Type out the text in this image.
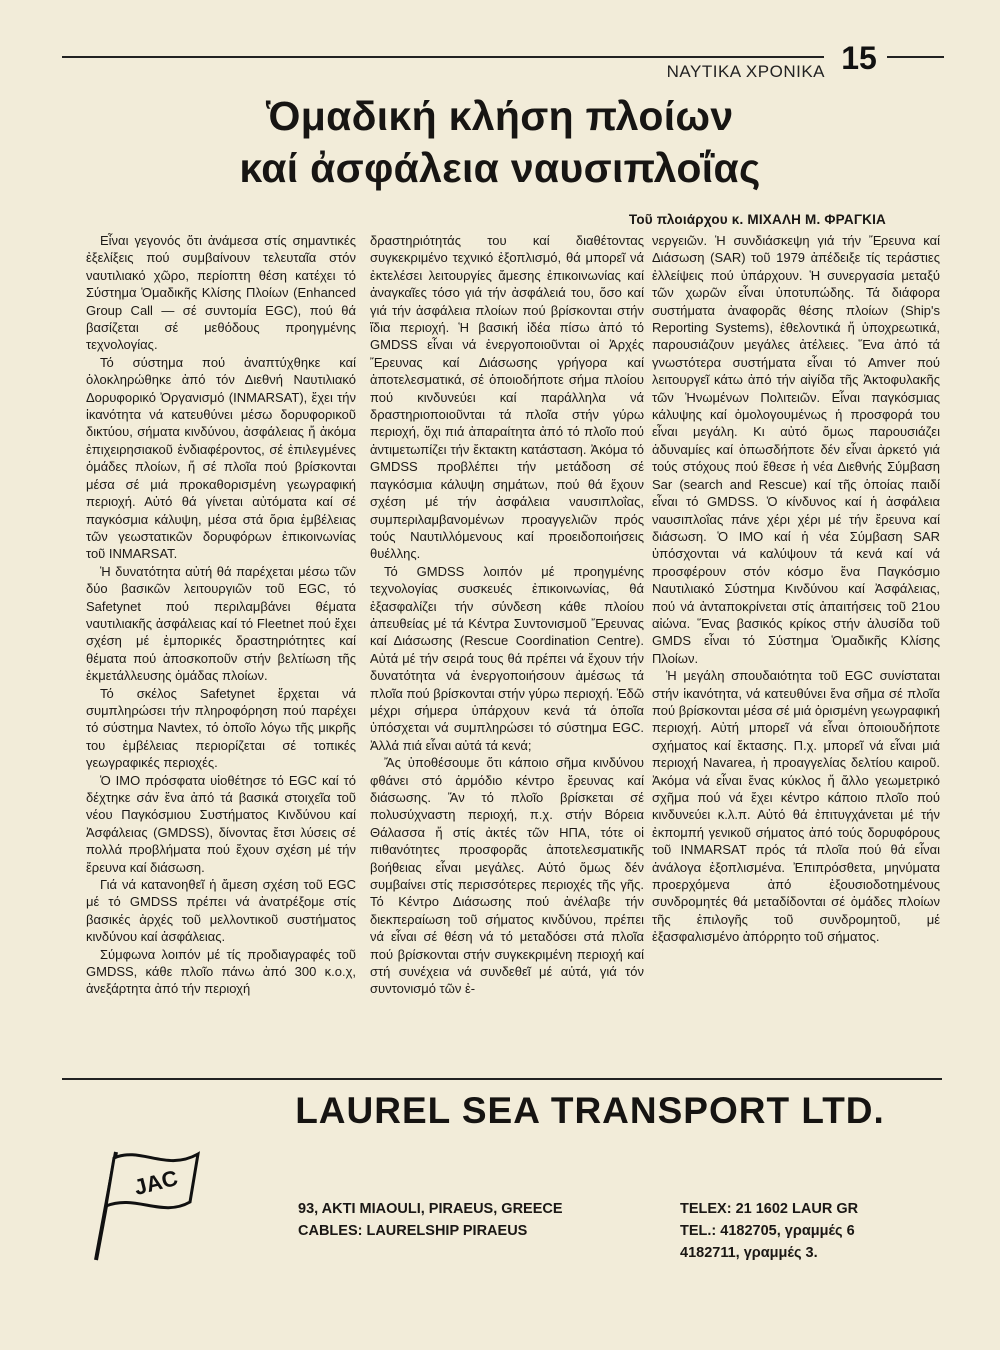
ΝΑΥΤΙΚΑ ΧΡΟΝΙΚΑ 15
Ὁμαδική κλήση πλοίων
καί ἀσφάλεια ναυσιπλοΐας
Τοῦ πλοιάρχου κ. ΜΙΧΑΛΗ Μ. ΦΡΑΓΚΙΑ

Εἶναι γεγονός ὅτι ἀνάμεσα στίς σημαντικές ἐξελίξεις πού συμβαίνουν τελευταῖα στόν ναυτιλιακό χῶρο, περίοπτη θέση κατέχει τό Σύστημα Ὁμαδικῆς Κλίσης Πλοίων (Enhanced Group Call — σέ συντομία EGC), πού θά βασίζεται σέ μεθόδους προηγμένης τεχνολογίας.

Τό σύστημα πού ἀναπτύχθηκε καί ὁλοκληρώθηκε ἀπό τόν Διεθνή Ναυτιλιακό Δορυφορικό Ὀργανισμό (INMARSAT), ἔχει τήν ἱκανότητα νά κατευθύνει μέσω δορυφορικοῦ δικτύου, σήματα κινδύνου, ἀσφάλειας ἤ ἀκόμα ἐπιχειρησιακοῦ ἐνδιαφέροντος, σέ ἐπιλεγμένες ὁμάδες πλοίων, ἤ σέ πλοῖα πού βρίσκονται μέσα σέ μιά προκαθορισμένη γεωγραφική περιοχή. Αὐτό θά γίνεται αὐτόματα καί σέ παγκόσμια κάλυψη, μέσα στά ὅρια ἐμβέλειας τῶν γεωστατικῶν δορυφόρων ἐπικοινωνίας τοῦ INMARSAT.

Ἡ δυνατότητα αὐτή θά παρέχεται μέσω τῶν δύο βασικῶν λειτουργιῶν τοῦ EGC, τό Safetynet πού περιλαμβάνει θέματα ναυτιλιακῆς ἀσφάλειας καί τό Fleetnet πού ἔχει σχέση μέ ἐμπορικές δραστηριότητες καί θέματα πού ἀποσκοποῦν στήν βελτίωση τῆς ἐκμετάλλευσης ὁμάδας πλοίων.

Τό σκέλος Safetynet ἔρχεται νά συμπληρώσει τήν πληροφόρηση πού παρέχει τό σύστημα Navtex, τό ὁποῖο λόγω τῆς μικρῆς του ἐμβέλειας περιορίζεται σέ τοπικές γεωγραφικές περιοχές.

Ὁ ΙΜΟ πρόσφατα υἱοθέτησε τό EGC καί τό δέχτηκε σάν ἕνα ἀπό τά βασικά στοιχεῖα τοῦ νέου Παγκόσμιου Συστήματος Κινδύνου καί Ἀσφάλειας (GMDSS), δίνοντας ἔτσι λύσεις σέ πολλά προβλήματα πού ἔχουν σχέση μέ τήν ἔρευνα καί διάσωση.

Γιά νά κατανοηθεῖ ἡ ἄμεση σχέση τοῦ EGC μέ τό GMDSS πρέπει νά ἀνατρέξομε στίς βασικές ἀρχές τοῦ μελλοντικοῦ συστήματος κινδύνου καί ἀσφάλειας.

Σύμφωνα λοιπόν μέ τίς προδιαγραφές τοῦ GMDSS, κάθε πλοῖο πάνω ἀπό 300 κ.ο.χ, ἀνεξάρτητα ἀπό τήν περιοχή

δραστηριότητάς του καί διαθέτοντας συγκεκριμένο τεχνικό ἐξοπλισμό, θά μπορεῖ νά ἐκτελέσει λειτουργίες ἄμεσης ἐπικοινωνίας καί ἀναγκαῖες τόσο γιά τήν ἀσφάλειά του, ὅσο καί γιά τήν ἀσφάλεια πλοίων πού βρίσκονται στήν ἴδια περιοχή. Ἡ βασική ἰδέα πίσω ἀπό τό GMDSS εἶναι νά ἐνεργοποιοῦνται οἱ Ἀρχές Ἔρευνας καί Διάσωσης γρήγορα καί ἀποτελεσματικά, σέ ὁποιοδήποτε σήμα πλοίου πού κινδυνεύει καί παράλληλα νά δραστηριοποιοῦνται τά πλοῖα στήν γύρω περιοχή, ὄχι πιά ἀπαραίτητα ἀπό τό πλοῖο πού ἀντιμετωπίζει τήν ἔκτακτη κατάσταση. Ἀκόμα τό GMDSS προβλέπει τήν μετάδοση σέ παγκόσμια κάλυψη σημάτων, πού θά ἔχουν σχέση μέ τήν ἀσφάλεια ναυσιπλοΐας, συμπεριλαμβανομένων προαγγελιῶν πρός τούς Ναυτιλλόμενους καί προειδοποιήσεις θυέλλης.

Τό GMDSS λοιπόν μέ προηγμένης τεχνολογίας συσκευές ἐπικοινωνίας, θά ἐξασφαλίζει τήν σύνδεση κάθε πλοίου ἀπευθείας μέ τά Κέντρα Συντονισμοῦ Ἔρευνας καί Διάσωσης (Rescue Coordination Centre). Αὐτά μέ τήν σειρά τους θά πρέπει νά ἔχουν τήν δυνατότητα νά ἐνεργοποιήσουν ἀμέσως τά πλοῖα πού βρίσκονται στήν γύρω περιοχή. Ἐδῶ μέχρι σήμερα ὑπάρχουν κενά τά ὁποῖα ὑπόσχεται νά συμπληρώσει τό σύστημα EGC. Ἀλλά πιά εἶναι αὐτά τά κενά;

Ἄς ὑποθέσουμε ὅτι κάποιο σῆμα κινδύνου φθάνει στό ἁρμόδιο κέντρο ἔρευνας καί διάσωσης. Ἄν τό πλοῖο βρίσκεται σέ πολυσύχναστη περιοχή, π.χ. στήν Βόρεια Θάλασσα ἤ στίς ἀκτές τῶν ΗΠΑ, τότε οἱ πιθανότητες προσφορᾶς ἀποτελεσματικῆς βοήθειας εἶναι μεγάλες. Αὐτό ὅμως δέν συμβαίνει στίς περισσότερες περιοχές τῆς γῆς. Τό Κέντρο Διάσωσης πού ἀνέλαβε τήν διεκπεραίωση τοῦ σήματος κινδύνου, πρέπει νά εἶναι σέ θέση νά τό μεταδόσει στά πλοῖα πού βρίσκονται στήν συγκεκριμένη περιοχή καί στή συνέχεια νά συνδεθεῖ μέ αὐτά, γιά τόν συντονισμό τῶν ἐ-

νεργειῶν. Ἡ συνδιάσκεψη γιά τήν Ἔρευνα καί Διάσωση (SAR) τοῦ 1979 ἀπέδειξε τίς τεράστιες ἐλλείψεις πού ὑπάρχουν. Ἡ συνεργασία μεταξύ τῶν χωρῶν εἶναι ὑποτυπώδης. Τά διάφορα συστήματα ἀναφορᾶς θέσης πλοίων (Ship's Reporting Systems), ἐθελοντικά ἤ ὑποχρεωτικά, παρουσιάζουν μεγάλες ἀτέλειες. Ἕνα ἀπό τά γνωστότερα συστήματα εἶναι τό Amver πού λειτουργεῖ κάτω ἀπό τήν αἰγίδα τῆς Ἀκτοφυλακῆς τῶν Ἡνωμένων Πολιτειῶν. Εἶναι παγκόσμιας κάλυψης καί ὁμολογουμένως ἡ προσφορά του εἶναι μεγάλη. Κι αὐτό ὅμως παρουσιάζει ἀδυναμίες καί ὁπωσδήποτε δέν εἶναι ἀρκετό γιά τούς στόχους πού ἔθεσε ἡ νέα Διεθνής Σύμβαση Sar (search and Rescue) καί τῆς ὁποίας παιδί εἶναι τό GMDSS. Ὁ κίνδυνος καί ἡ ἀσφάλεια ναυσιπλοΐας πάνε χέρι χέρι μέ τήν ἔρευνα καί διάσωση. Ὁ ΙΜΟ καί ἡ νέα Σύμβαση SAR ὑπόσχονται νά καλύψουν τά κενά καί νά προσφέρουν στόν κόσμο ἕνα Παγκόσμιο Ναυτιλιακό Σύστημα Κινδύνου καί Ἀσφάλειας, πού νά ἀνταποκρίνεται στίς ἀπαιτήσεις τοῦ 21ου αἰώνα. Ἕνας βασικός κρίκος στήν ἁλυσίδα τοῦ GMDS εἶναι τό Σύστημα Ὁμαδικῆς Κλίσης Πλοίων.

Ἡ μεγάλη σπουδαιότητα τοῦ EGC συνίσταται στήν ἱκανότητα, νά κατευθύνει ἕνα σῆμα σέ πλοῖα πού βρίσκονται μέσα σέ μιά ὁρισμένη γεωγραφική περιοχή. Αὐτή μπορεῖ νά εἶναι ὁποιουδήποτε σχήματος καί ἔκτασης. Π.χ. μπορεῖ νά εἶναι μιά περιοχή Navarea, ἡ προαγγελίας δελτίου καιροῦ. Ἀκόμα νά εἶναι ἕνας κύκλος ἤ ἄλλο γεωμετρικό σχῆμα πού νά ἔχει κέντρο κάποιο πλοῖο πού κινδυνεύει κ.λ.π. Αὐτό θά ἐπιτυγχάνεται μέ τήν ἐκπομπή γενικοῦ σήματος ἀπό τούς δορυφόρους τοῦ INMARSAT πρός τά πλοῖα πού θά εἶναι ἀνάλογα ἐξοπλισμένα. Ἐπιπρόσθετα, μηνύματα προερχόμενα ἀπό ἐξουσιοδοτημένους συνδρομητές θά μεταδίδονται σέ ὁμάδες πλοίων τῆς ἐπιλογῆς τοῦ συνδρομητοῦ, μέ ἐξασφαλισμένο ἀπόρρητο τοῦ σήματος.

LAUREL SEA TRANSPORT LTD.
JAC
93, AKTI MIAOULI, PIRAEUS, GREECE
CABLES: LAURELSHIP PIRAEUS
TELEX: 21 1602 LAUR GR
TEL.: 4182705, γραμμές 6
4182711, γραμμές 3.
